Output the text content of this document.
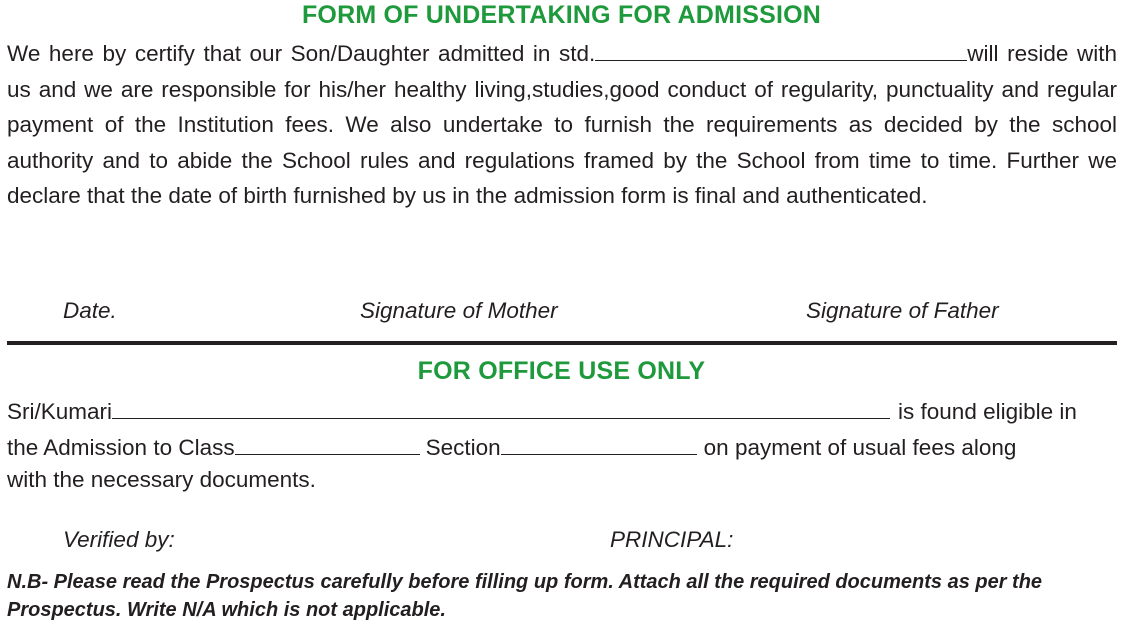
FORM OF UNDERTAKING FOR ADMISSION
We here by certify that our Son/Daughter admitted in std.	will reside with us and we are responsible for his/her healthy living,studies,good conduct of regularity, punctuality and regular payment of the Institution fees. We also undertake to furnish the requirements as decided by the school authority and to abide the School rules and regulations framed by the School from time to time. Further we declare that the date of birth furnished by us in the admission form is final and authenticated.
Date.	Signature of Mother	Signature of Father
FOR OFFICE USE ONLY
Sri/Kumari	is found eligible in
the Admission to Class	Section	on payment of usual fees along
with the necessary documents.
Verified by:	PRINCIPAL:
N.B- Please read the Prospectus carefully before filling up form. Attach all the required documents as per the Prospectus. Write N/A which is not applicable.
